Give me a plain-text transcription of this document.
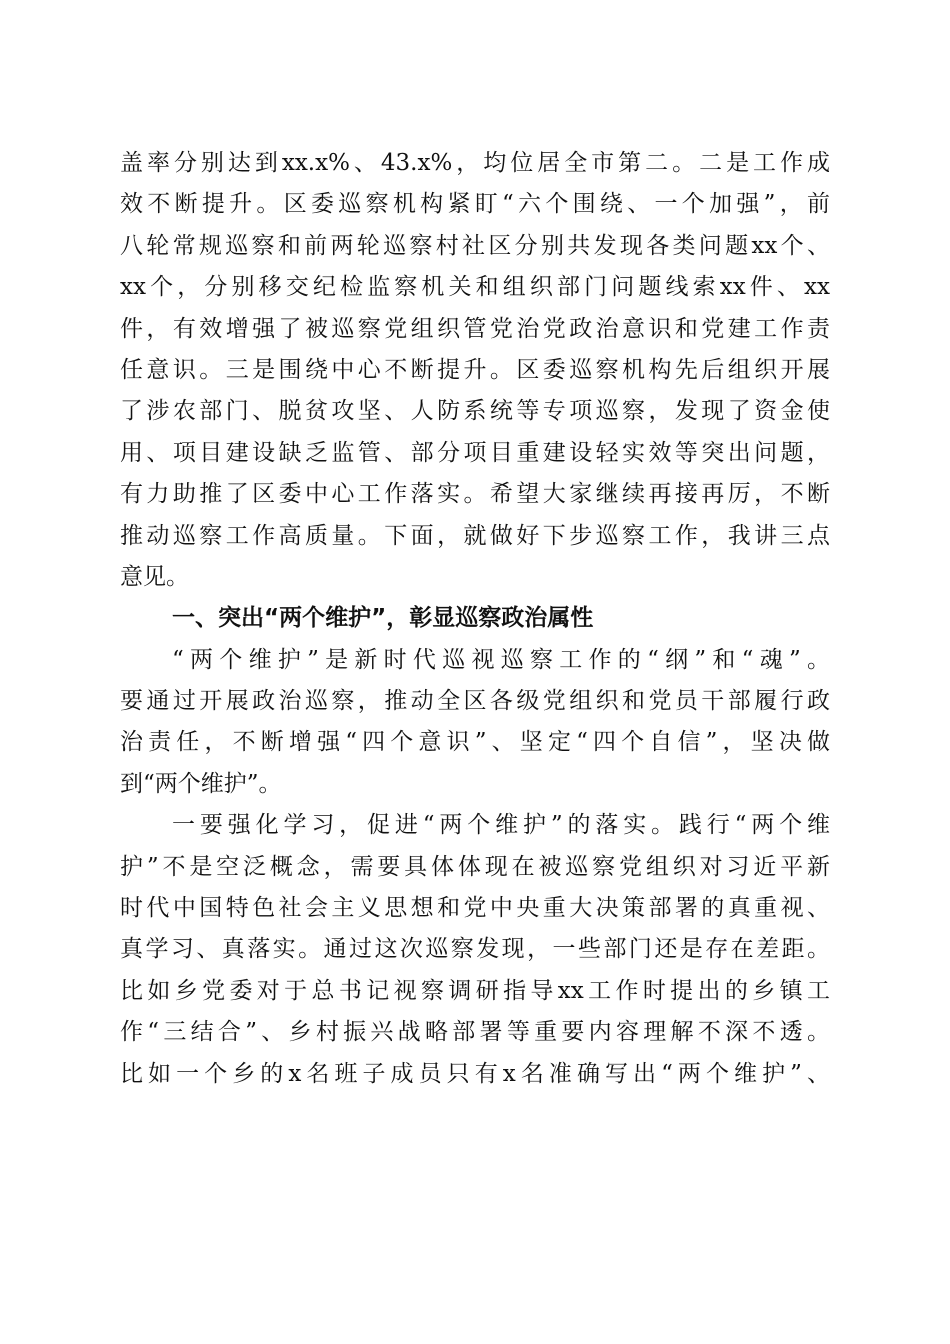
盖率分别达到xx.x%、43.x%，均位居全市第二。二是工作成
效不断提升。区委巡察机构紧盯“六个围绕、一个加强”，前
八轮常规巡察和前两轮巡察村社区分别共发现各类问题xx个、
xx个，分别移交纪检监察机关和组织部门问题线索xx件、xx
件，有效增强了被巡察党组织管党治党政治意识和党建工作责
任意识。三是围绕中心不断提升。区委巡察机构先后组织开展
了涉农部门、脱贫攻坚、人防系统等专项巡察，发现了资金使
用、项目建设缺乏监管、部分项目重建设轻实效等突出问题，
有力助推了区委中心工作落实。希望大家继续再接再厉，不断
推动巡察工作高质量。下面，就做好下步巡察工作，我讲三点
意见。
一、突出“两个维护”，彰显巡察政治属性
“两个维护”是新时代巡视巡察工作的“纲”和“魂”。
要通过开展政治巡察，推动全区各级党组织和党员干部履行政
治责任，不断增强“四个意识”、坚定“四个自信”，坚决做
到“两个维护”。
一要强化学习，促进“两个维护”的落实。践行“两个维
护”不是空泛概念，需要具体体现在被巡察党组织对习近平新
时代中国特色社会主义思想和党中央重大决策部署的真重视、
真学习、真落实。通过这次巡察发现，一些部门还是存在差距。
比如乡党委对于总书记视察调研指导xx工作时提出的乡镇工
作“三结合”、乡村振兴战略部署等重要内容理解不深不透。
比如一个乡的x名班子成员只有x名准确写出“两个维护”、
